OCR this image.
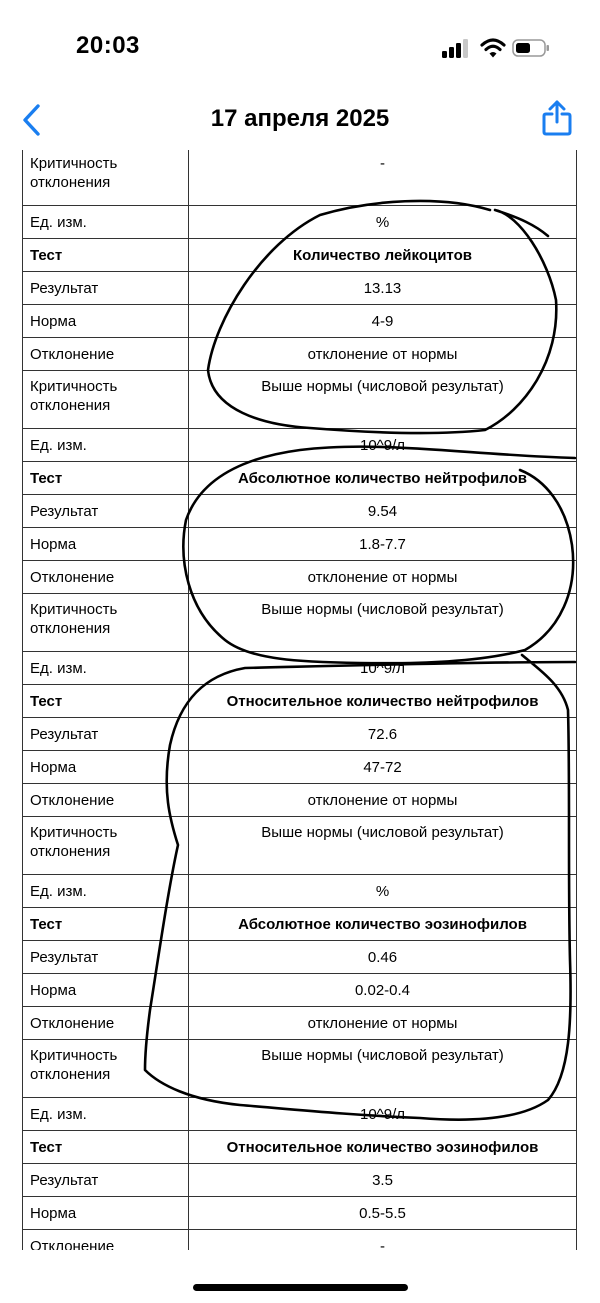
20:03
17 апреля 2025
Критичность отклонения	-
Ед. изм.	%
Тест	Количество лейкоцитов
Результат	13.13
Норма	4-9
Отклонение	отклонение от нормы
Критичность отклонения	Выше нормы (числовой результат)
Ед. изм.	10^9/л
Тест	Абсолютное количество нейтрофилов
Результат	9.54
Норма	1.8-7.7
Отклонение	отклонение от нормы
Критичность отклонения	Выше нормы (числовой результат)
Ед. изм.	10^9/л
Тест	Относительное количество нейтрофилов
Результат	72.6
Норма	47-72
Отклонение	отклонение от нормы
Критичность отклонения	Выше нормы (числовой результат)
Ед. изм.	%
Тест	Абсолютное количество эозинофилов
Результат	0.46
Норма	0.02-0.4
Отклонение	отклонение от нормы
Критичность отклонения	Выше нормы (числовой результат)
Ед. изм.	10^9/л
Тест	Относительное количество эозинофилов
Результат	3.5
Норма	0.5-5.5
Отклонение	-
